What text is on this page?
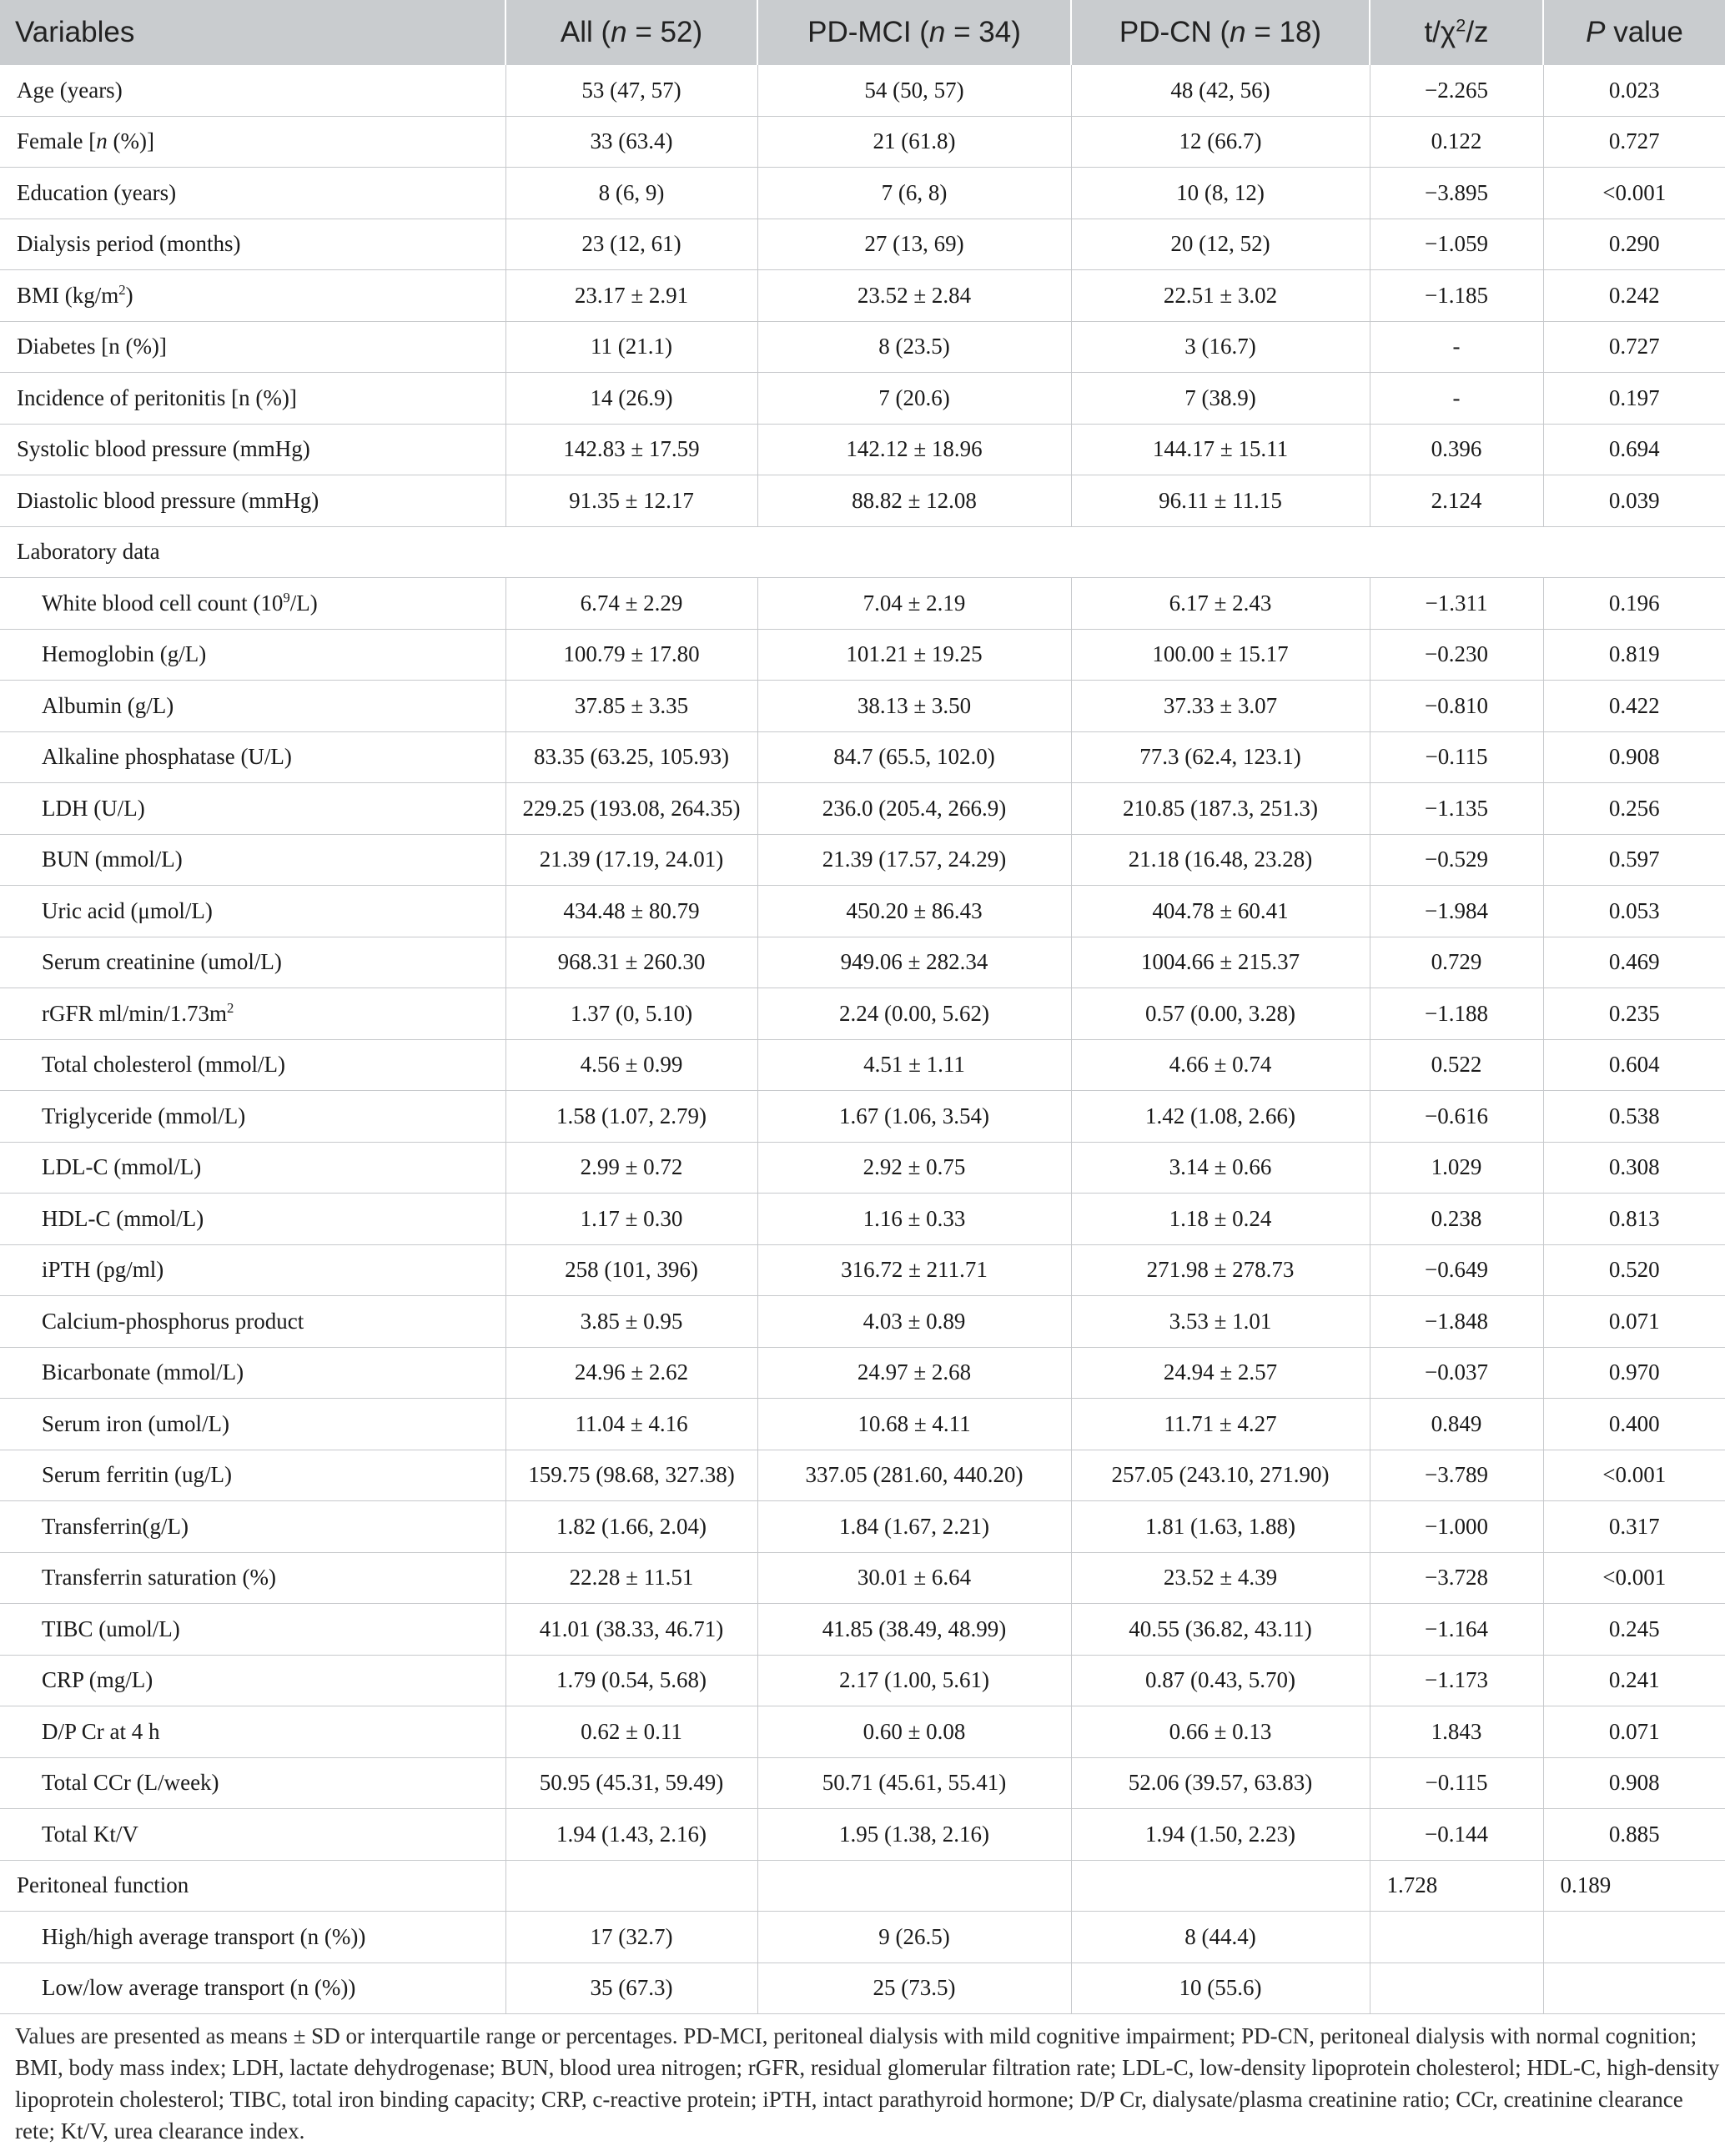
Variables	All (n = 52)	PD-MCI (n = 34)	PD-CN (n = 18)	$t/\chi^2/z$	P value
Age (years)	53 (47, 57)	54 (50, 57)	48 (42, 56)	−2.265	0.023
Female [n (%)]	33 (63.4)	21 (61.8)	12 (66.7)	0.122	0.727
Education (years)	8 (6, 9)	7 (6, 8)	10 (8, 12)	−3.895	<0.001
Dialysis period (months)	23 (12, 61)	27 (13, 69)	20 (12, 52)	−1.059	0.290
BMI $(kg/m^2)$	23.17 ± 2.91	23.52 ± 2.84	22.51 ± 3.02	−1.185	0.242
Diabetes [n (%)]	11 (21.1)	8 (23.5)	3 (16.7)	-	0.727
Incidence of peritonitis [n (%)]	14 (26.9)	7 (20.6)	7 (38.9)	-	0.197
Systolic blood pressure (mmHg)	142.83 ± 17.59	142.12 ± 18.96	144.17 ± 15.11	0.396	0.694
Diastolic blood pressure (mmHg)	91.35 ± 12.17	88.82 ± 12.08	96.11 ± 11.15	2.124	0.039
Laboratory data					
White blood cell count $(10^9/L)$	6.74 ± 2.29	7.04 ± 2.19	6.17 ± 2.43	−1.311	0.196
Hemoglobin (g/L)	100.79 ± 17.80	101.21 ± 19.25	100.00 ± 15.17	−0.230	0.819
Albumin (g/L)	37.85 ± 3.35	38.13 ± 3.50	37.33 ± 3.07	−0.810	0.422
Alkaline phosphatase (U/L)	83.35 (63.25, 105.93)	84.7 (65.5, 102.0)	77.3 (62.4, 123.1)	−0.115	0.908
LDH (U/L)	229.25 (193.08, 264.35)	236.0 (205.4, 266.9)	210.85 (187.3, 251.3)	−1.135	0.256
BUN (mmol/L)	21.39 (17.19, 24.01)	21.39 (17.57, 24.29)	21.18 (16.48, 23.28)	−0.529	0.597
Uric acid (μmol/L)	434.48 ± 80.79	450.20 ± 86.43	404.78 ± 60.41	−1.984	0.053
Serum creatinine (umol/L)	968.31 ± 260.30	949.06 ± 282.34	1004.66 ± 215.37	0.729	0.469
rGFR $ml/\min/1.73m^2$	1.37 (0, 5.10)	2.24 (0.00, 5.62)	0.57 (0.00, 3.28)	−1.188	0.235
Total cholesterol (mmol/L)	4.56 ± 0.99	4.51 ± 1.11	4.66 ± 0.74	0.522	0.604
Triglyceride (mmol/L)	1.58 (1.07, 2.79)	1.67 (1.06, 3.54)	1.42 (1.08, 2.66)	−0.616	0.538
LDL-C (mmol/L)	2.99 ± 0.72	2.92 ± 0.75	3.14 ± 0.66	1.029	0.308
HDL-C (mmol/L)	1.17 ± 0.30	1.16 ± 0.33	1.18 ± 0.24	0.238	0.813
iPTH (pg/ml)	258 (101, 396)	316.72 ± 211.71	271.98 ± 278.73	−0.649	0.520
Calcium-phosphorus product	3.85 ± 0.95	4.03 ± 0.89	3.53 ± 1.01	−1.848	0.071
Bicarbonate (mmol/L)	24.96 ± 2.62	24.97 ± 2.68	24.94 ± 2.57	−0.037	0.970
Serum iron (umol/L)	11.04 ± 4.16	10.68 ± 4.11	11.71 ± 4.27	0.849	0.400
Serum ferritin (ug/L)	159.75 (98.68, 327.38)	337.05 (281.60, 440.20)	257.05 (243.10, 271.90)	−3.789	<0.001
Transferrin(g/L)	1.82 (1.66, 2.04)	1.84 (1.67, 2.21)	1.81 (1.63, 1.88)	−1.000	0.317
Transferrin saturation (%)	22.28 ± 11.51	30.01 ± 6.64	23.52 ± 4.39	−3.728	<0.001
TIBC (umol/L)	41.01 (38.33, 46.71)	41.85 (38.49, 48.99)	40.55 (36.82, 43.11)	−1.164	0.245
CRP (mg/L)	1.79 (0.54, 5.68)	2.17 (1.00, 5.61)	0.87 (0.43, 5.70)	−1.173	0.241
D/P Cr at 4 h	0.62 ± 0.11	0.60 ± 0.08	0.66 ± 0.13	1.843	0.071
Total CCr (L/week)	50.95 (45.31, 59.49)	50.71 (45.61, 55.41)	52.06 (39.57, 63.83)	−0.115	0.908
Total Kt/V	1.94 (1.43, 2.16)	1.95 (1.38, 2.16)	1.94 (1.50, 2.23)	−0.144	0.885
Peritoneal function				1.728	0.189
High/high average transport (n (%))	17 (32.7)	9 (26.5)	8 (44.4)		
Low/low average transport (n (%))	35 (67.3)	25 (73.5)	10 (55.6)		
Values are presented as means ± SD or interquartile range or percentages. PD-MCI, peritoneal dialysis with mild cognitive impairment; PD-CN, peritoneal dialysis with normal cognition; BMI, body mass index; LDH, lactate dehydrogenase; BUN, blood urea nitrogen; rGFR, residual glomerular filtration rate; LDL-C, low-density lipoprotein cholesterol; HDL-C, high-density lipoprotein cholesterol; TIBC, total iron binding capacity; CRP, c-reactive protein; iPTH, intact parathyroid hormone; D/P Cr, dialysate/plasma creatinine ratio; CCr, creatinine clearance rete; Kt/V, urea clearance index.
